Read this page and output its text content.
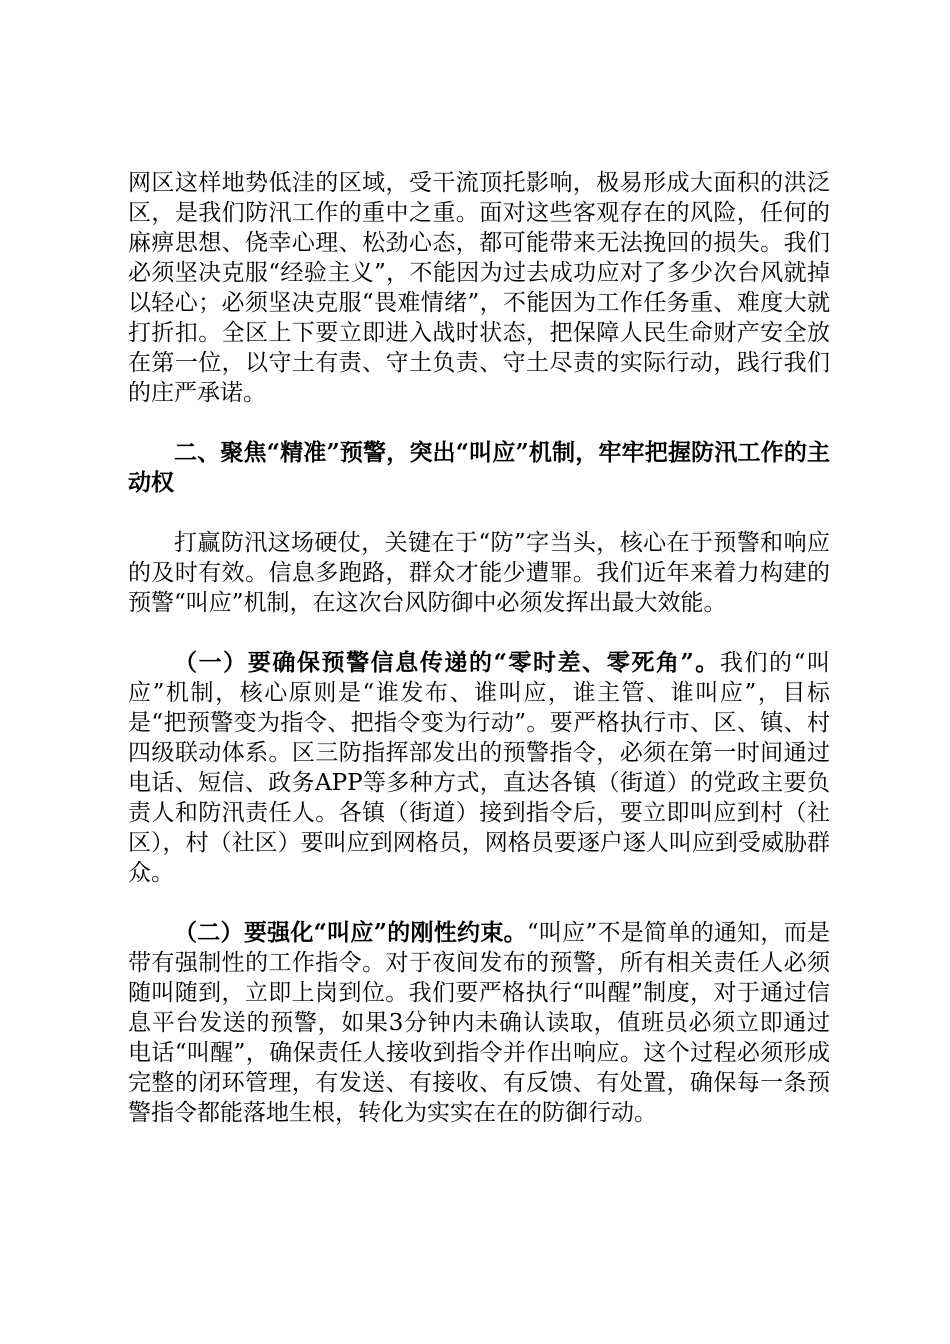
网区这样地势低洼的区域，受干流顶托影响，极易形成大面积的洪泛区，是我们防汛工作的重中之重。面对这些客观存在的风险，任何的麻痹思想、侥幸心理、松劲心态，都可能带来无法挽回的损失。我们必须坚决克服“经验主义”，不能因为过去成功应对了多少次台风就掉以轻心；必须坚决克服“畏难情绪”，不能因为工作任务重、难度大就打折扣。全区上下要立即进入战时状态，把保障人民生命财产安全放在第一位，以守土有责、守土负责、守土尽责的实际行动，践行我们的庄严承诺。

二、聚焦“精准”预警，突出“叫应”机制，牢牢把握防汛工作的主动权

打赢防汛这场硬仗，关键在于“防”字当头，核心在于预警和响应的及时有效。信息多跑路，群众才能少遭罪。我们近年来着力构建的预警“叫应”机制，在这次台风防御中必须发挥出最大效能。

（一）要确保预警信息传递的“零时差、零死角”。我们的“叫应”机制，核心原则是“谁发布、谁叫应，谁主管、谁叫应”，目标是“把预警变为指令、把指令变为行动”。要严格执行市、区、镇、村四级联动体系。区三防指挥部发出的预警指令，必须在第一时间通过电话、短信、政务APP等多种方式，直达各镇（街道）的党政主要负责人和防汛责任人。各镇（街道）接到指令后，要立即叫应到村（社区），村（社区）要叫应到网格员，网格员要逐户逐人叫应到受威胁群众。

（二）要强化“叫应”的刚性约束。“叫应”不是简单的通知，而是带有强制性的工作指令。对于夜间发布的预警，所有相关责任人必须随叫随到，立即上岗到位。我们要严格执行“叫醒”制度，对于通过信息平台发送的预警，如果3分钟内未确认读取，值班员必须立即通过电话“叫醒”，确保责任人接收到指令并作出响应。这个过程必须形成完整的闭环管理，有发送、有接收、有反馈、有处置，确保每一条预警指令都能落地生根，转化为实实在在的防御行动。
